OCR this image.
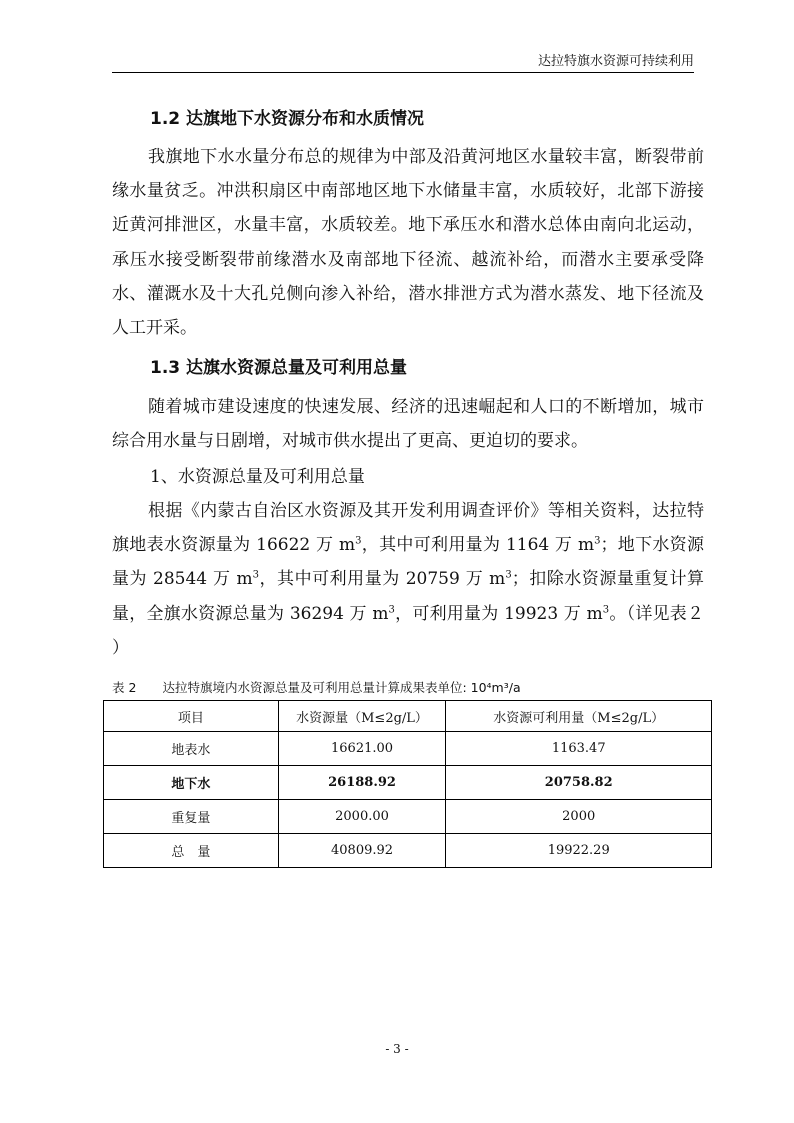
达拉特旗水资源可持续利用
1.2 达旗地下水资源分布和水质情况
我旗地下水水量分布总的规律为中部及沿黄河地区水量较丰富，断裂带前缘水量贫乏。冲洪积扇区中南部地区地下水储量丰富，水质较好，北部下游接近黄河排泄区，水量丰富，水质较差。地下承压水和潜水总体由南向北运动，承压水接受断裂带前缘潜水及南部地下径流、越流补给，而潜水主要承受降水、灌溉水及十大孔兑侧向渗入补给，潜水排泄方式为潜水蒸发、地下径流及人工开采。
1.3 达旗水资源总量及可利用总量
随着城市建设速度的快速发展、经济的迅速崛起和人口的不断增加，城市综合用水量与日剧增，对城市供水提出了更高、更迫切的要求。
1、水资源总量及可利用总量
根据《内蒙古自治区水资源及其开发利用调查评价》等相关资料，达拉特旗地表水资源量为 16622 万 $m^3$，其中可利用量为 1164 万 $m^3$；地下水资源量为 28544 万 $m^3$，其中可利用量为 20759 万 $m^3$；扣除水资源量重复计算量，全旗水资源总量为 36294 万 $m^3$，可利用量为 19923 万 $m^3$。（详见表２ ）
表 2 达拉特旗境内水资源总量及可利用总量计算成果表单位: 10⁴m³/a
项目	水资源量（M≤2g/L）	水资源可利用量（M≤2g/L）
地表水	16621.00	1163.47
地下水	26188.92	20758.82
重复量	2000.00	2000
总　量	40809.92	19922.29
- 3 -
